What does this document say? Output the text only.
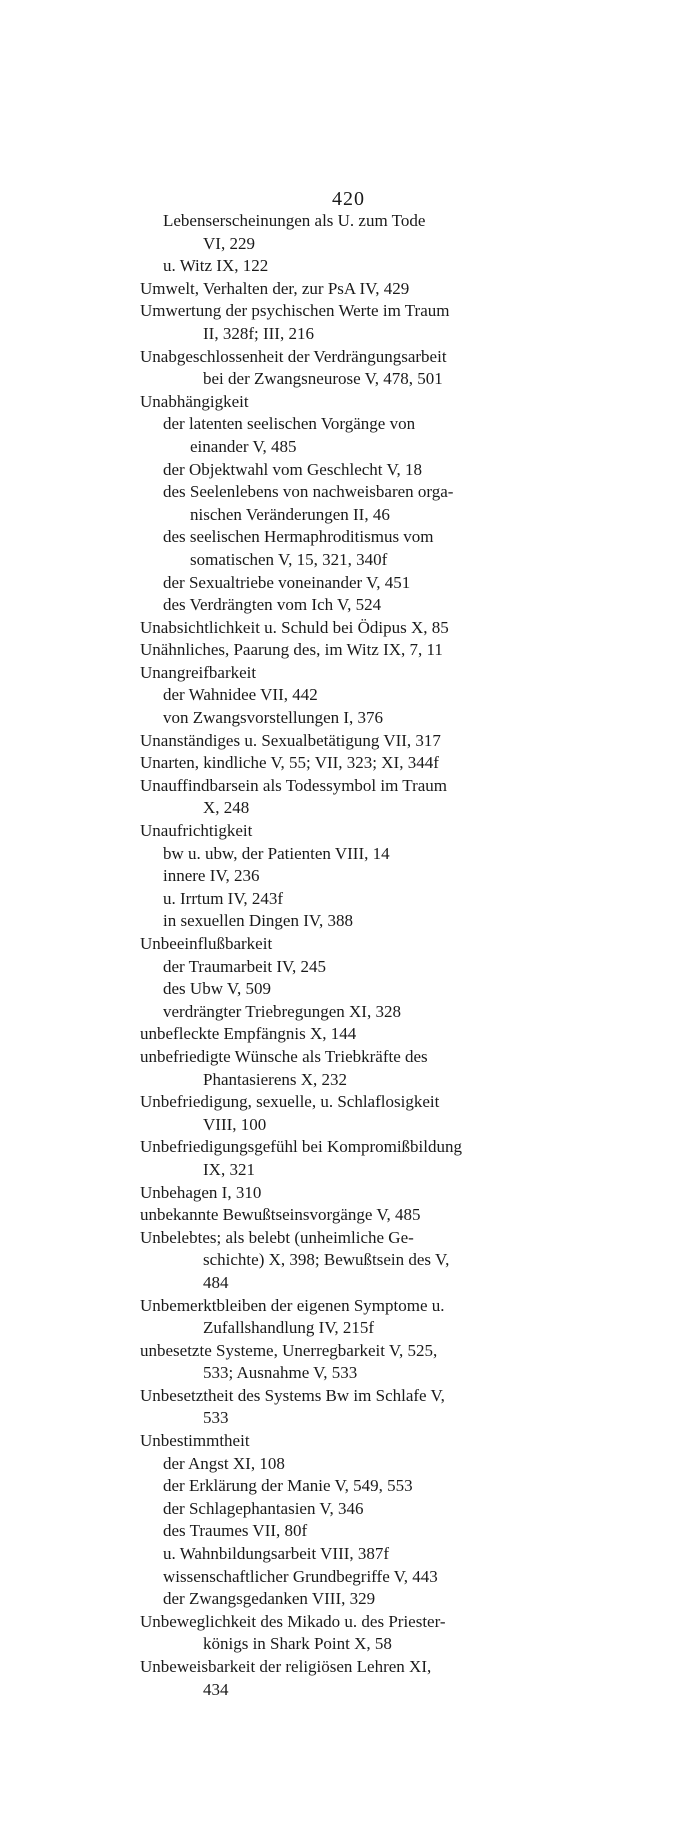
420
Lebenserscheinungen als U. zum Tode
VI, 229
u. Witz IX, 122
Umwelt, Verhalten der, zur PsA IV, 429
Umwertung der psychischen Werte im Traum
II, 328f; III, 216
Unabgeschlossenheit der Verdrängungsarbeit
bei der Zwangsneurose V, 478, 501
Unabhängigkeit
der latenten seelischen Vorgänge von
einander V, 485
der Objektwahl vom Geschlecht V, 18
des Seelenlebens von nachweisbaren orga-
nischen Veränderungen II, 46
des seelischen Hermaphroditismus vom
somatischen V, 15, 321, 340f
der Sexualtriebe voneinander V, 451
des Verdrängten vom Ich V, 524
Unabsichtlichkeit u. Schuld bei Ödipus X, 85
Unähnliches, Paarung des, im Witz IX, 7, 11
Unangreifbarkeit
der Wahnidee VII, 442
von Zwangsvorstellungen I, 376
Unanständiges u. Sexualbetätigung VII, 317
Unarten, kindliche V, 55; VII, 323; XI, 344f
Unauffindbarsein als Todessymbol im Traum
X, 248
Unaufrichtigkeit
bw u. ubw, der Patienten VIII, 14
innere IV, 236
u. Irrtum IV, 243f
in sexuellen Dingen IV, 388
Unbeeinflußbarkeit
der Traumarbeit IV, 245
des Ubw V, 509
verdrängter Triebregungen XI, 328
unbefleckte Empfängnis X, 144
unbefriedigte Wünsche als Triebkräfte des
Phantasierens X, 232
Unbefriedigung, sexuelle, u. Schlaflosigkeit
VIII, 100
Unbefriedigungsgefühl bei Kompromißbildung
IX, 321
Unbehagen I, 310
unbekannte Bewußtseinsvorgänge V, 485
Unbelebtes; als belebt (unheimliche Ge-
schichte) X, 398; Bewußtsein des V,
484
Unbemerktbleiben der eigenen Symptome u.
Zufallshandlung IV, 215f
unbesetzte Systeme, Unerregbarkeit V, 525,
533; Ausnahme V, 533
Unbesetztheit des Systems Bw im Schlafe V,
533
Unbestimmtheit
der Angst XI, 108
der Erklärung der Manie V, 549, 553
der Schlagephantasien V, 346
des Traumes VII, 80f
u. Wahnbildungsarbeit VIII, 387f
wissenschaftlicher Grundbegriffe V, 443
der Zwangsgedanken VIII, 329
Unbeweglichkeit des Mikado u. des Priester-
königs in Shark Point X, 58
Unbeweisbarkeit der religiösen Lehren XI,
434
